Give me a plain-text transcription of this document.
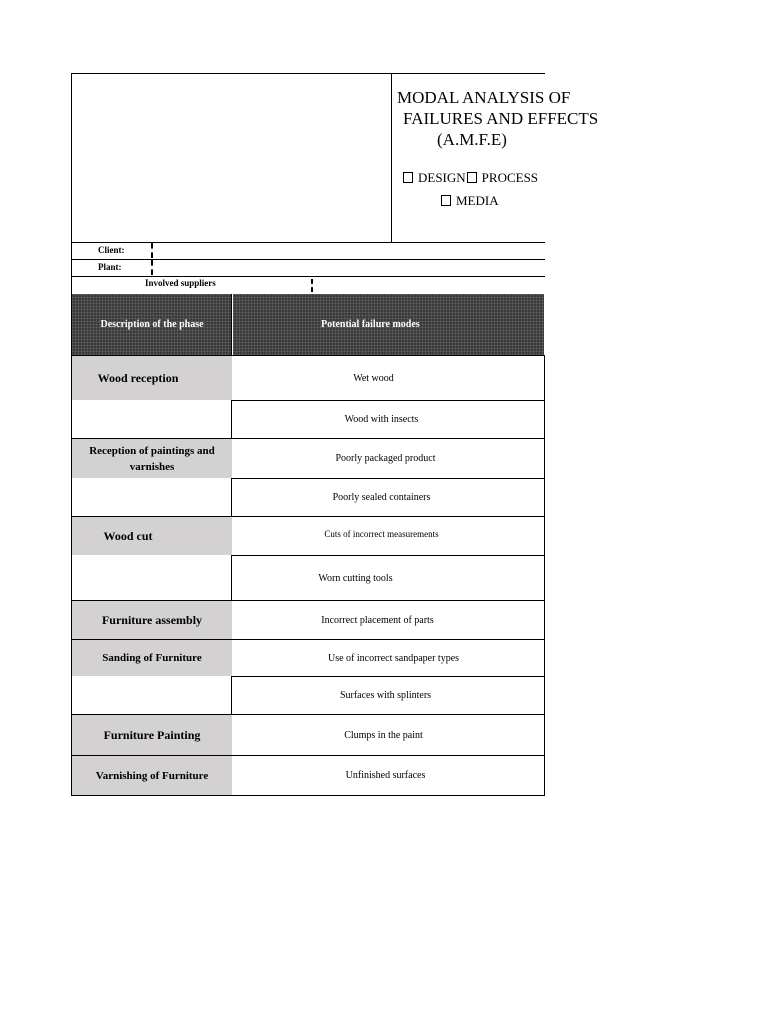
MODAL ANALYSIS OF
FAILURES AND EFFECTS
(A.M.F.E)
DESIGN PROCESS
MEDIA
Client:
Plant:
Involved suppliers
Description of the phase	Potential failure modes
Wood reception
Reception of paintings and varnishes
Wood cut
Furniture assembly
Sanding of Furniture
Furniture Painting
Varnishing of Furniture
Wet wood
Wood with insects
Poorly packaged product
Poorly sealed containers
Cuts of incorrect measurements
Worn cutting tools
Incorrect placement of parts
Use of incorrect sandpaper types
Surfaces with splinters
Clumps in the paint
Unfinished surfaces
